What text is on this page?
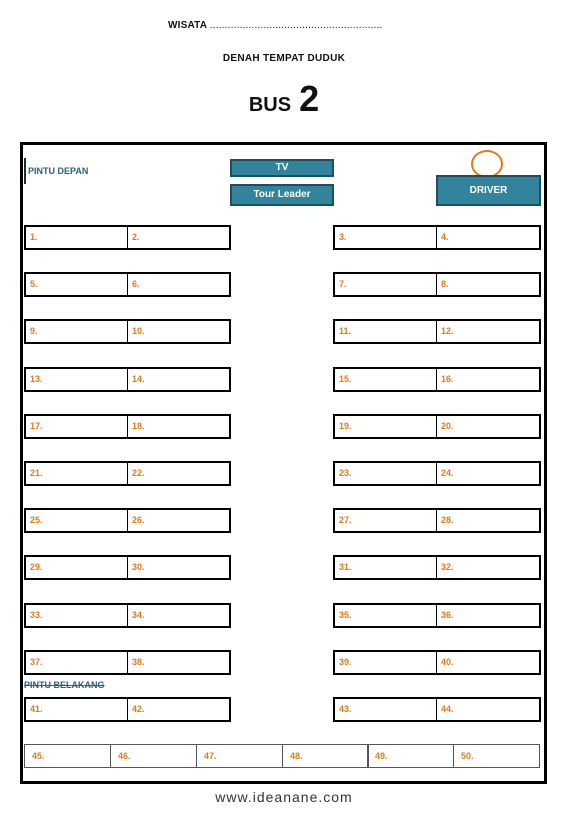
WISATA ..........................................................
DENAH TEMPAT DUDUK
BUS 2
PINTU DEPAN	TV
Tour Leader	DRIVER
1.	2.	3.	4.
5.	6.	7.	8.
9.	10.	11.	12.
13.	14.	15.	16.
17.	18.	19.	20.
21.	22.	23.	24.
25.	26.	27.	28.
29.	30.	31.	32.
33.	34.	35.	36.
37.	38.	39.	40.
41.	42.	43.	44.
PINTU BELAKANG
45.	46.	47.	48.	49.	50.
www.ideanane.com
